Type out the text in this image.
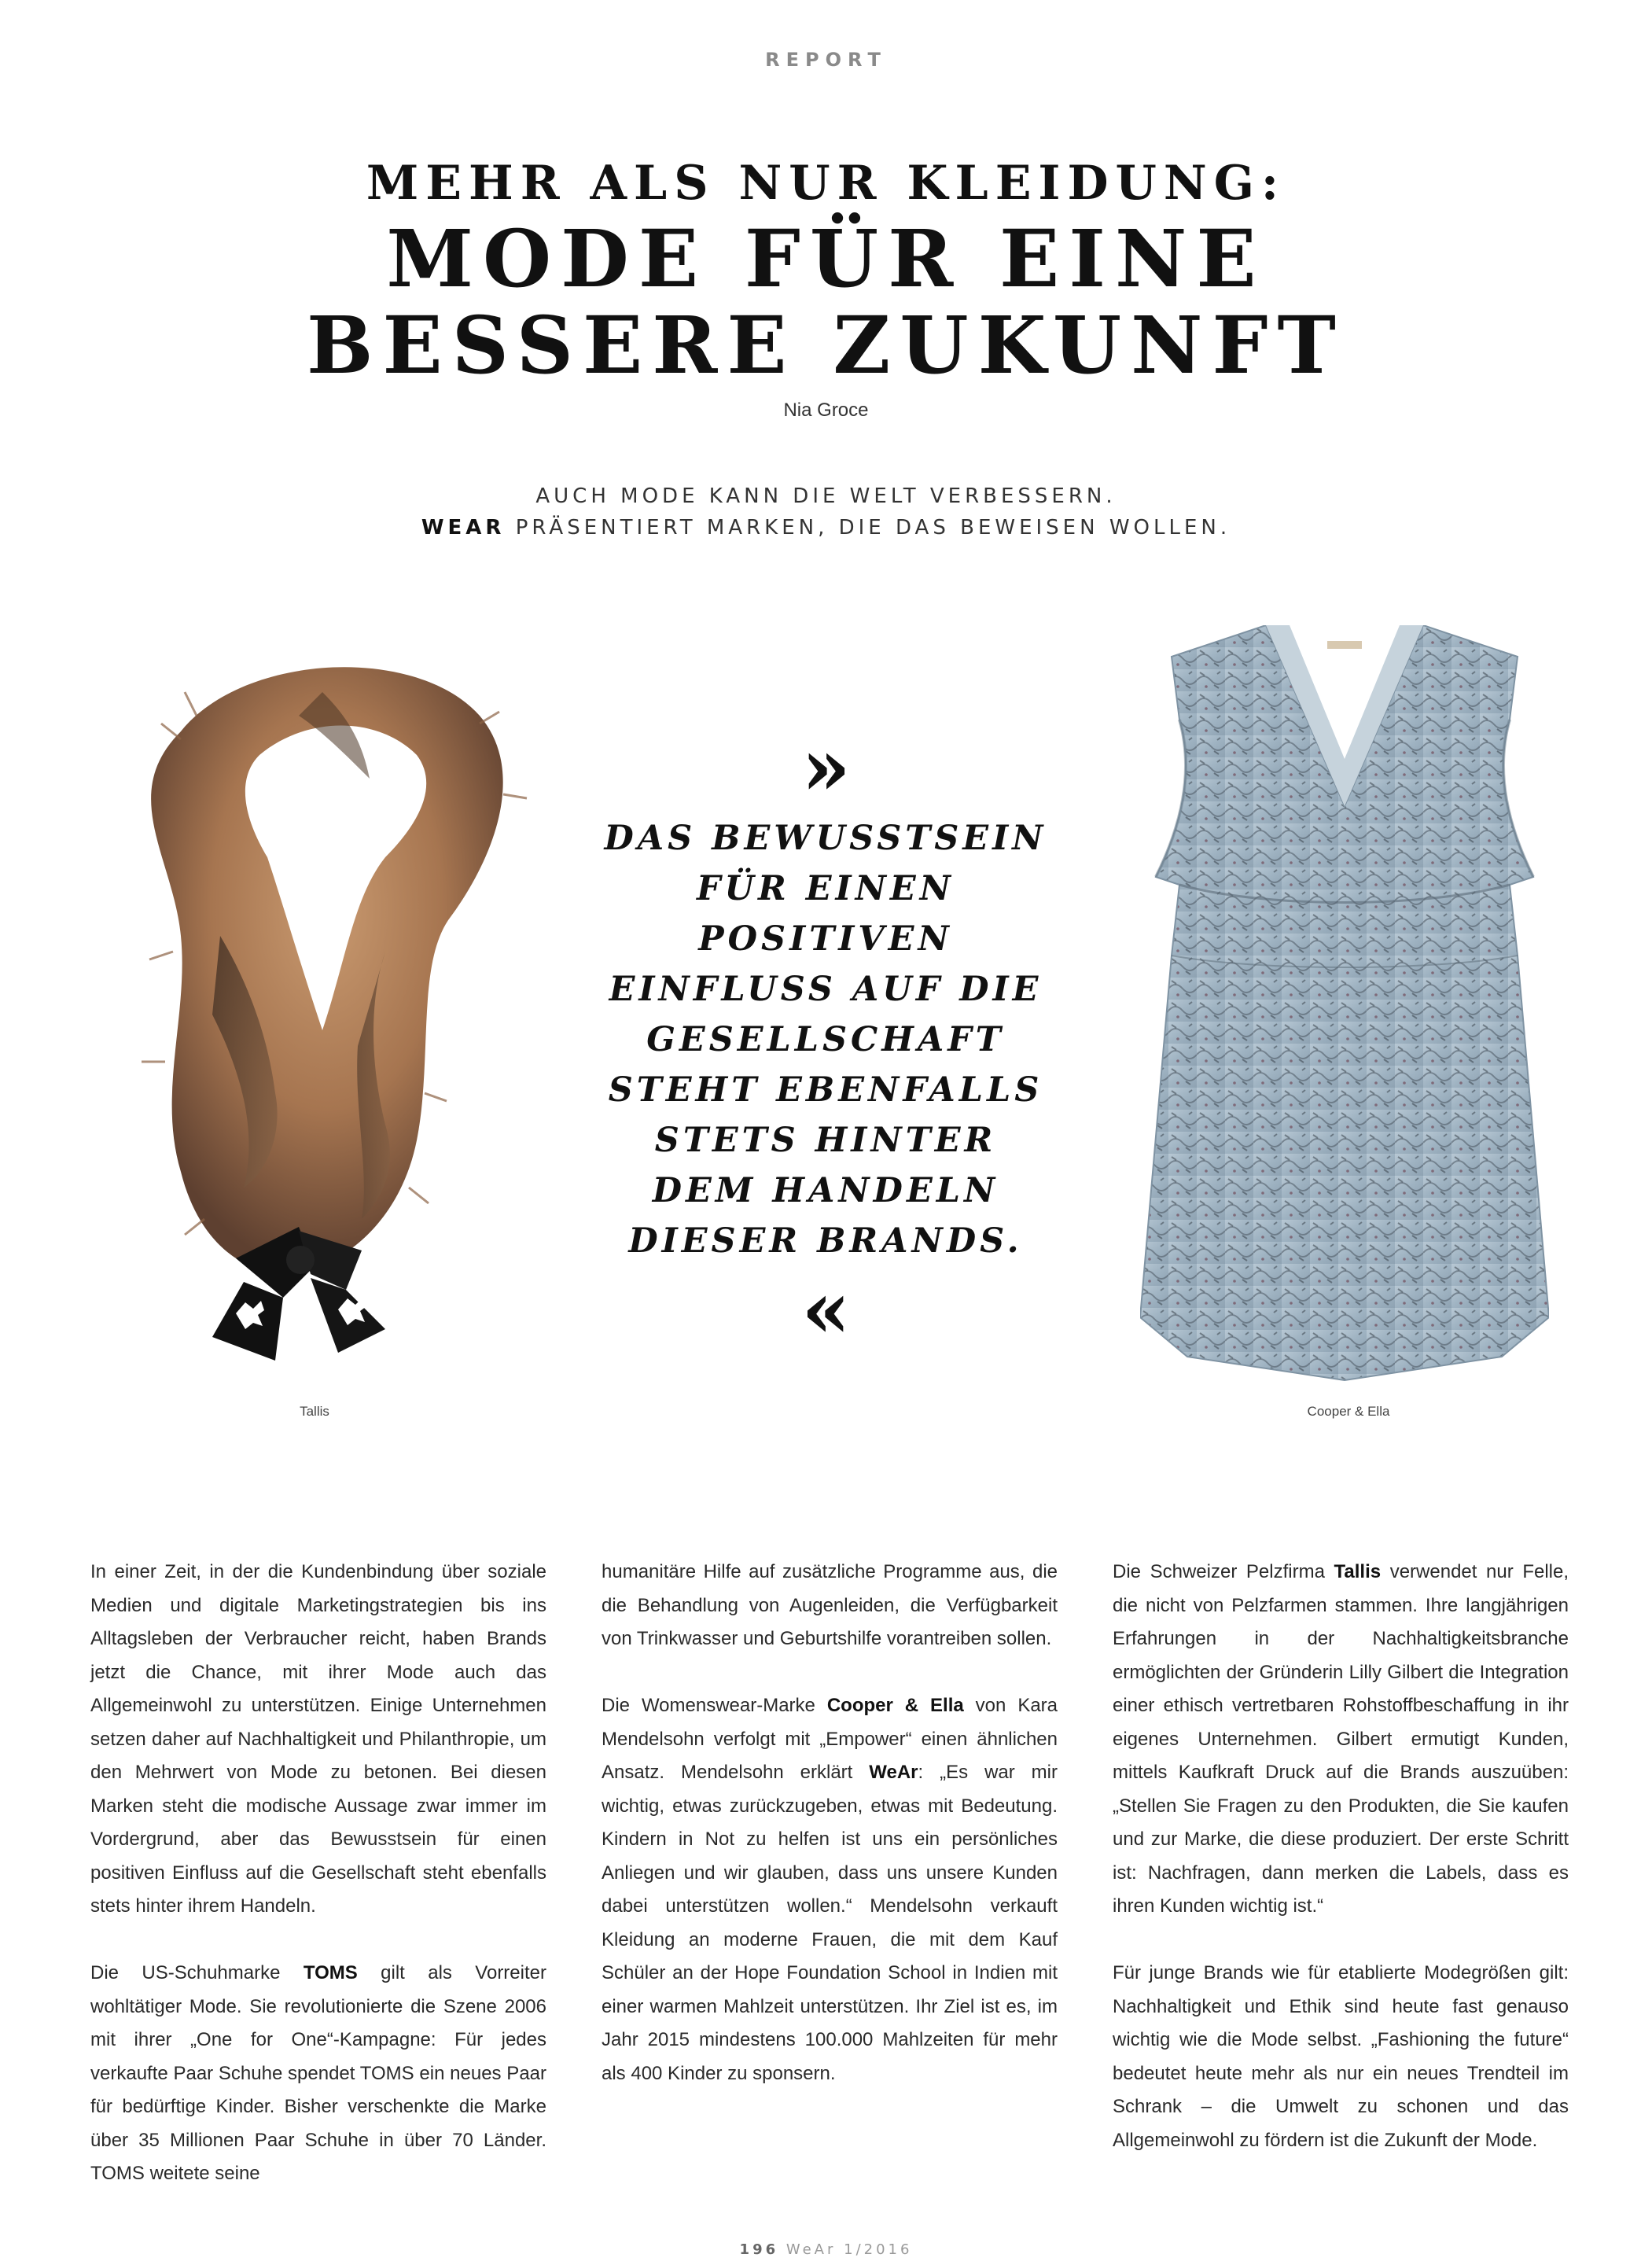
REPORT
MEHR ALS NUR KLEIDUNG:
MODE FÜR EINE
BESSERE ZUKUNFT
Nia Groce
AUCH MODE KANN DIE WELT VERBESSERN.
WEAR PRÄSENTIERT MARKEN, DIE DAS BEWEISEN WOLLEN.
Tallis	Cooper & Ella
»
DAS BEWUSSTSEIN FÜR EINEN POSITIVEN EINFLUSS AUF DIE GESELLSCHAFT STEHT EBENFALLS STETS HINTER DEM HANDELN DIESER BRANDS.
«

In einer Zeit, in der die Kundenbindung über soziale Medien und digitale Marketingstrategien bis ins Alltagsleben der Verbraucher reicht, haben Brands jetzt die Chance, mit ihrer Mode auch das Allgemeinwohl zu unterstützen. Einige Unternehmen setzen daher auf Nachhaltigkeit und Philanthropie, um den Mehrwert von Mode zu betonen. Bei diesen Marken steht die modische Aussage zwar immer im Vordergrund, aber das Bewusstsein für einen positiven Einfluss auf die Gesellschaft steht ebenfalls stets hinter ihrem Handeln.

Die US-Schuhmarke TOMS gilt als Vorreiter wohltätiger Mode. Sie revolutionierte die Szene 2006 mit ihrer „One for One“-Kampagne: Für jedes verkaufte Paar Schuhe spendet TOMS ein neues Paar für bedürftige Kinder. Bisher verschenkte die Marke über 35 Millionen Paar Schuhe in über 70 Länder. TOMS weitete seine

humanitäre Hilfe auf zusätzliche Programme aus, die die Behandlung von Augenleiden, die Verfügbarkeit von Trinkwasser und Geburtshilfe vorantreiben sollen.

Die Womenswear-Marke Cooper & Ella von Kara Mendelsohn verfolgt mit „Empower“ einen ähnlichen Ansatz. Mendelsohn erklärt WeAr: „Es war mir wichtig, etwas zurückzugeben, etwas mit Bedeutung. Kindern in Not zu helfen ist uns ein persönliches Anliegen und wir glauben, dass uns unsere Kunden dabei unterstützen wollen.“ Mendelsohn verkauft Kleidung an moderne Frauen, die mit dem Kauf Schüler an der Hope Foundation School in Indien mit einer warmen Mahlzeit unterstützen. Ihr Ziel ist es, im Jahr 2015 mindestens 100.000 Mahlzeiten für mehr als 400 Kinder zu sponsern.

Die Schweizer Pelzfirma Tallis verwendet nur Felle, die nicht von Pelzfarmen stammen. Ihre langjährigen Erfahrungen in der Nachhaltigkeitsbranche ermöglichten der Gründerin Lilly Gilbert die Integration einer ethisch vertretbaren Rohstoffbeschaffung in ihr eigenes Unternehmen. Gilbert ermutigt Kunden, mittels Kaufkraft Druck auf die Brands auszuüben: „Stellen Sie Fragen zu den Produkten, die Sie kaufen und zur Marke, die diese produziert. Der erste Schritt ist: Nachfragen, dann merken die Labels, dass es ihren Kunden wichtig ist.“

Für junge Brands wie für etablierte Modegrößen gilt: Nachhaltigkeit und Ethik sind heute fast genauso wichtig wie die Mode selbst. „Fashioning the future“ bedeutet heute mehr als nur ein neues Trendteil im Schrank – die Umwelt zu schonen und das Allgemeinwohl zu fördern ist die Zukunft der Mode.

196 WeAr 1/2016
